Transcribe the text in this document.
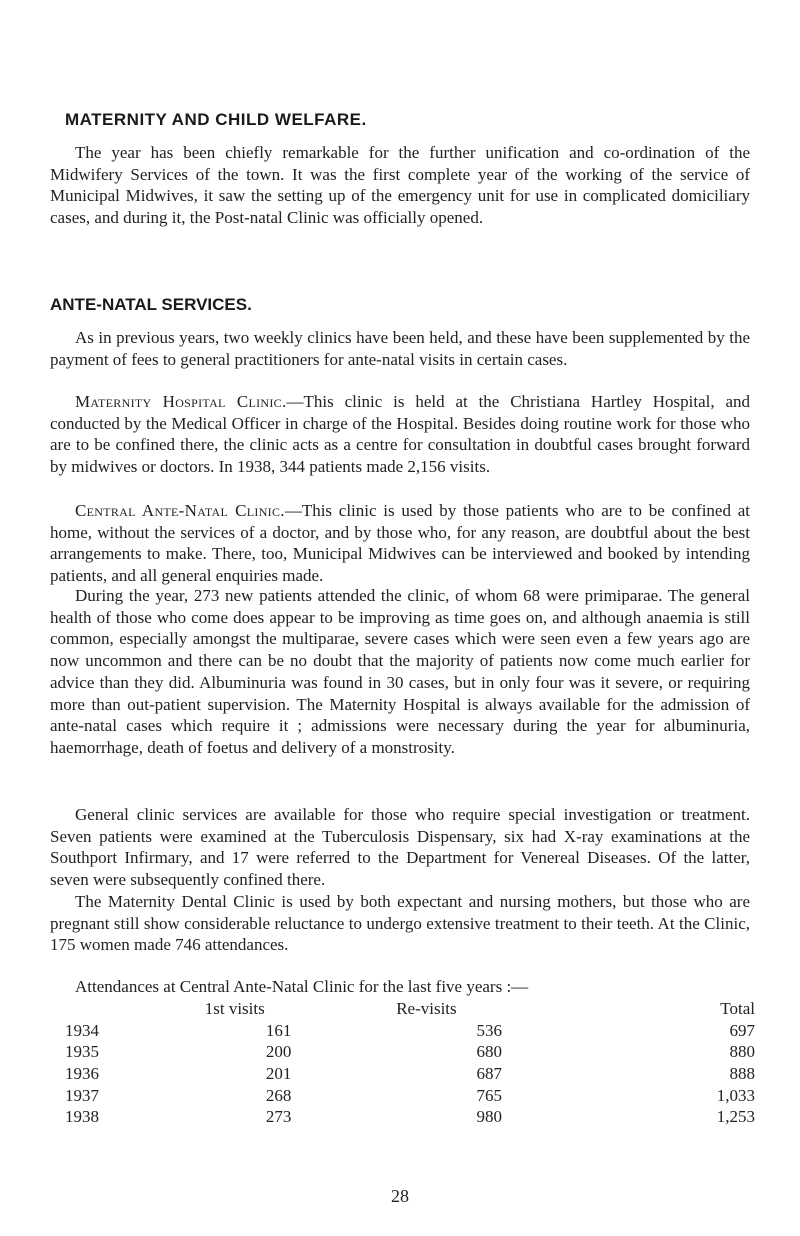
MATERNITY AND CHILD WELFARE.

The year has been chiefly remarkable for the further unification and co-ordination of the Midwifery Services of the town. It was the first complete year of the working of the service of Municipal Midwives, it saw the setting up of the emergency unit for use in complicated domiciliary cases, and during it, the Post-natal Clinic was officially opened.

ANTE-NATAL SERVICES.

As in previous years, two weekly clinics have been held, and these have been supplemented by the payment of fees to general practitioners for ante-natal visits in certain cases.

Maternity Hospital Clinic.—This clinic is held at the Christiana Hartley Hospital, and conducted by the Medical Officer in charge of the Hospital. Besides doing routine work for those who are to be confined there, the clinic acts as a centre for consultation in doubtful cases brought forward by midwives or doctors. In 1938, 344 patients made 2,156 visits.

Central Ante-Natal Clinic.—This clinic is used by those patients who are to be confined at home, without the services of a doctor, and by those who, for any reason, are doubtful about the best arrangements to make. There, too, Municipal Midwives can be interviewed and booked by intending patients, and all general enquiries made.

During the year, 273 new patients attended the clinic, of whom 68 were primiparae. The general health of those who come does appear to be improving as time goes on, and although anaemia is still common, especially amongst the multiparae, severe cases which were seen even a few years ago are now uncommon and there can be no doubt that the majority of patients now come much earlier for advice than they did. Albuminuria was found in 30 cases, but in only four was it severe, or requiring more than out-patient supervision. The Maternity Hospital is always available for the admission of ante-natal cases which require it ; admissions were necessary during the year for albuminuria, haemorrhage, death of foetus and delivery of a monstrosity.

General clinic services are available for those who require special investigation or treatment. Seven patients were examined at the Tuberculosis Dispensary, six had X-ray examinations at the Southport Infirmary, and 17 were referred to the Department for Venereal Diseases. Of the latter, seven were subsequently confined there.

The Maternity Dental Clinic is used by both expectant and nursing mothers, but those who are pregnant still show considerable reluctance to undergo extensive treatment to their teeth. At the Clinic, 175 women made 746 attendances.

Attendances at Central Ante-Natal Clinic for the last five years :—

	1st visits	Re-visits	Total
1934	161	536	697
1935	200	680	880
1936	201	687	888
1937	268	765	1,033
1938	273	980	1,253
28
